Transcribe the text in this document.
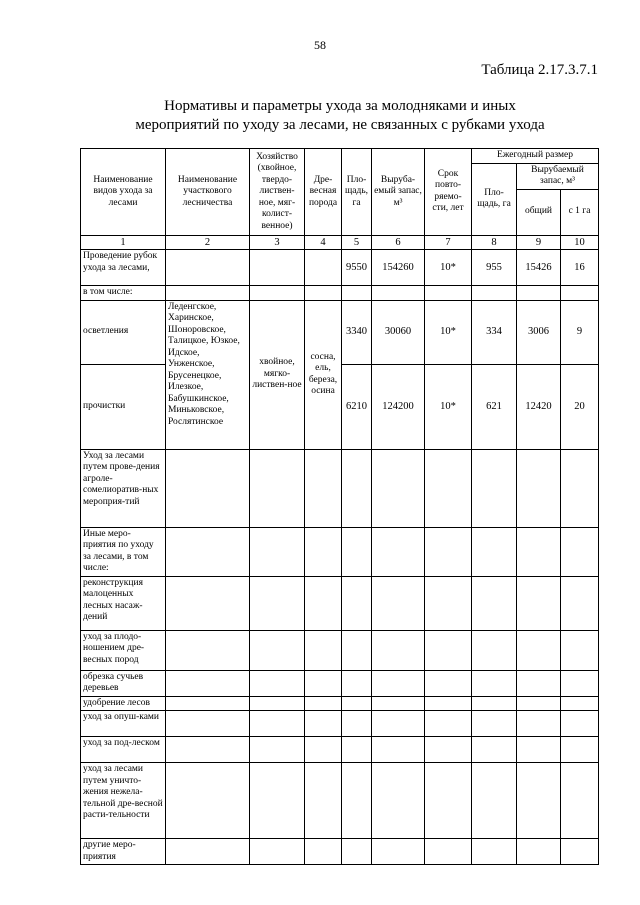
58
Таблица 2.17.3.7.1
Нормативы и параметры ухода за молодняками и иных
мероприятий по уходу за лесами, не связанных с рубками ухода
Наименование видов ухода за лесами	Наименование участкового лесничества	Хозяйство (хвойное, твердо-листвен-ное, мяг-колист-венное)	Дре-весная порода	Пло-щадь, га	Выруба-емый запас, м³	Срок повто-ряемо-сти, лет	Ежегодный размер		
							Пло-щадь, га	Вырубаемый запас, м³	
								общий	с 1 га
1	2	3	4	5	6	7	8	9	10
Проведение рубок ухода за лесами,				9550	154260	10*	955	15426	16
в том числе:									
осветления	Леденгское, Харинское, Шоноровское, Талицкое, Юзкое, Идское, Унженское, Брусенецкое, Илезкое, Бабушкинское, Миньковское, Рослятинское	хвойное, мягко-листвен-ное	сосна, ель, береза, осина	3340	30060	10*	334	3006	9
прочистки				6210	124200	10*	621	12420	20
Уход за лесами путем прове-дения агроле-сомелиоратив-ных мероприя-тий									
Иные меро-приятия по уходу за лесами, в том числе:									
реконструкция малоценных лесных насаж-дений									
уход за плодо-ношением дре-весных пород									
обрезка сучьев деревьев									
удобрение лесов									
уход за опуш-ками									
уход за под-леском									
уход за лесами путем уничто-жения нежела-тельной дре-весной расти-тельности									
другие меро-приятия									
